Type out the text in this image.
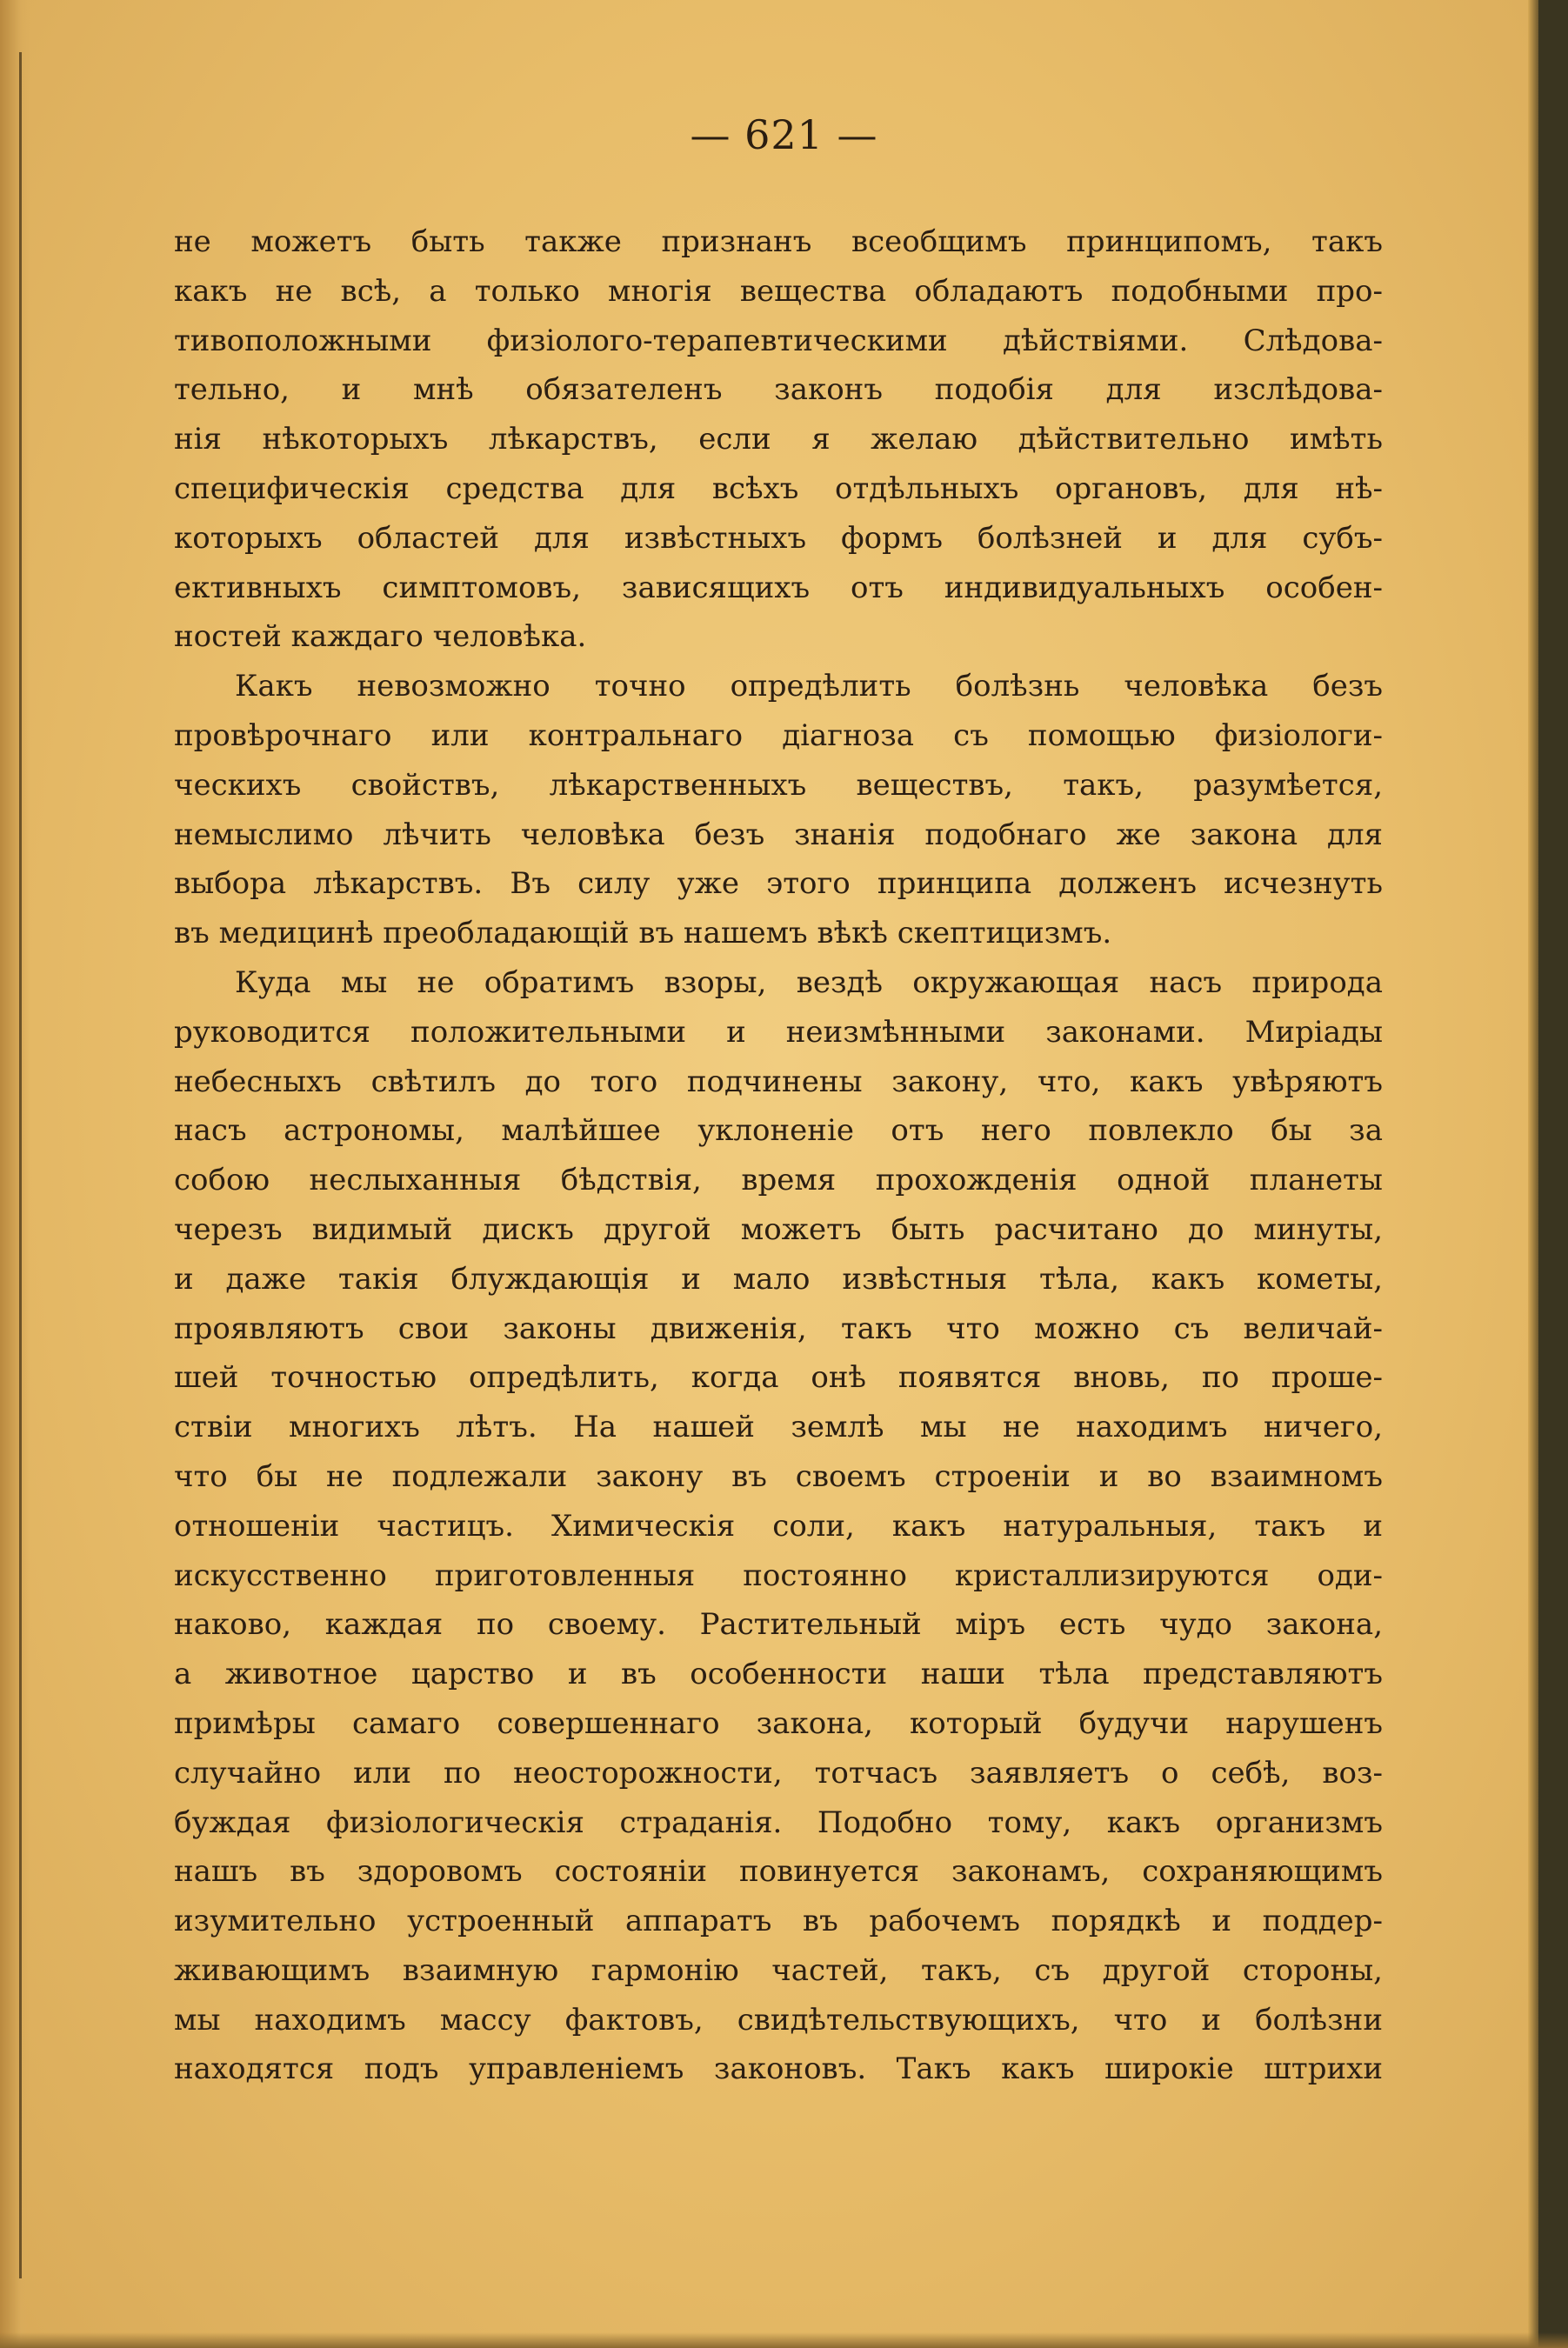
— 621 —
не можетъ быть также признанъ всеобщимъ принципомъ, такъ
какъ не всѣ, а только многія вещества обладаютъ подобными про-
тивоположными физіолого-терапевтическими дѣйствіями. Слѣдова-
тельно, и мнѣ обязателенъ законъ подобія для изслѣдова-
нія нѣкоторыхъ лѣкарствъ, если я желаю дѣйствительно имѣть
специфическія средства для всѣхъ отдѣльныхъ органовъ, для нѣ-
которыхъ областей для извѣстныхъ формъ болѣзней и для субъ-
ективныхъ симптомовъ, зависящихъ отъ индивидуальныхъ особен-
ностей каждаго человѣка.
Какъ невозможно точно опредѣлить болѣзнь человѣка безъ
провѣрочнаго или контральнаго діагноза съ помощью физіологи-
ческихъ свойствъ, лѣкарственныхъ веществъ, такъ, разумѣется,
немыслимо лѣчить человѣка безъ знанія подобнаго же закона для
выбора лѣкарствъ. Въ силу уже этого принципа долженъ исчезнуть
въ медицинѣ преобладающій въ нашемъ вѣкѣ скептицизмъ.
Куда мы не обратимъ взоры, вездѣ окружающая насъ природа
руководится положительными и неизмѣнными законами. Миріады
небесныхъ свѣтилъ до того подчинены закону, что, какъ увѣряютъ
насъ астрономы, малѣйшее уклоненіе отъ него повлекло бы за
собою неслыханныя бѣдствія, время прохожденія одной планеты
черезъ видимый дискъ другой можетъ быть расчитано до минуты,
и даже такія блуждающія и мало извѣстныя тѣла, какъ кометы,
проявляютъ свои законы движенія, такъ что можно съ величай-
шей точностью опредѣлить, когда онѣ появятся вновь, по проше-
ствіи многихъ лѣтъ. На нашей землѣ мы не находимъ ничего,
что бы не подлежали закону въ своемъ строеніи и во взаимномъ
отношеніи частицъ. Химическія соли, какъ натуральныя, такъ и
искусственно приготовленныя постоянно кристаллизируются оди-
наково, каждая по своему. Растительный міръ есть чудо закона,
а животное царство и въ особенности наши тѣла представляютъ
примѣры самаго совершеннаго закона, который будучи нарушенъ
случайно или по неосторожности, тотчасъ заявляетъ о себѣ, воз-
буждая физіологическія страданія. Подобно тому, какъ организмъ
нашъ въ здоровомъ состояніи повинуется законамъ, сохраняющимъ
изумительно устроенный аппаратъ въ рабочемъ порядкѣ и поддер-
живающимъ взаимную гармонію частей, такъ, съ другой стороны,
мы находимъ массу фактовъ, свидѣтельствующихъ, что и болѣзни
находятся подъ управленіемъ законовъ. Такъ какъ широкіе штрихи
